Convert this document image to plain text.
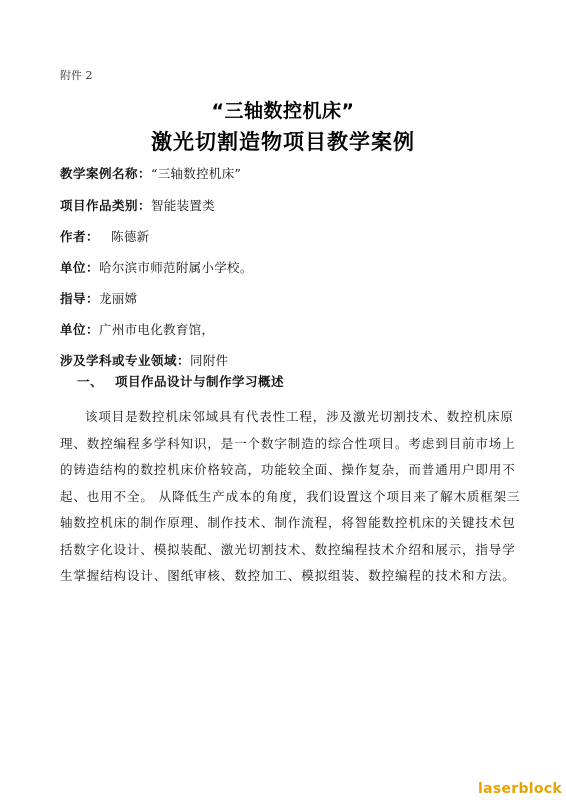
附件 2
“三轴数控机床”
激光切割造物项目教学案例
教学案例名称：“三轴数控机床”
项目作品类别：智能装置类
作者： 陈德新
单位：哈尔滨市师范附属小学校。
指导：龙丽嫦
单位：广州市电化教育馆，
涉及学科或专业领域：同附件
一、 项目作品设计与制作学习概述
该项目是数控机床邻域具有代表性工程，涉及激光切割技术、数控机床原
理、数控编程多学科知识，是一个数字制造的综合性项目。考虑到目前市场上
的铸造结构的数控机床价格较高，功能较全面、操作复杂，而普通用户即用不
起、也用不全。 从降低生产成本的角度，我们设置这个项目来了解木质框架三
轴数控机床的制作原理、制作技术、制作流程，将智能数控机床的关键技术包
括数字化设计、模拟装配、激光切割技术、数控编程技术介绍和展示，指导学
生掌握结构设计、图纸审核、数控加工、模拟组装、数控编程的技术和方法。
laserblock
